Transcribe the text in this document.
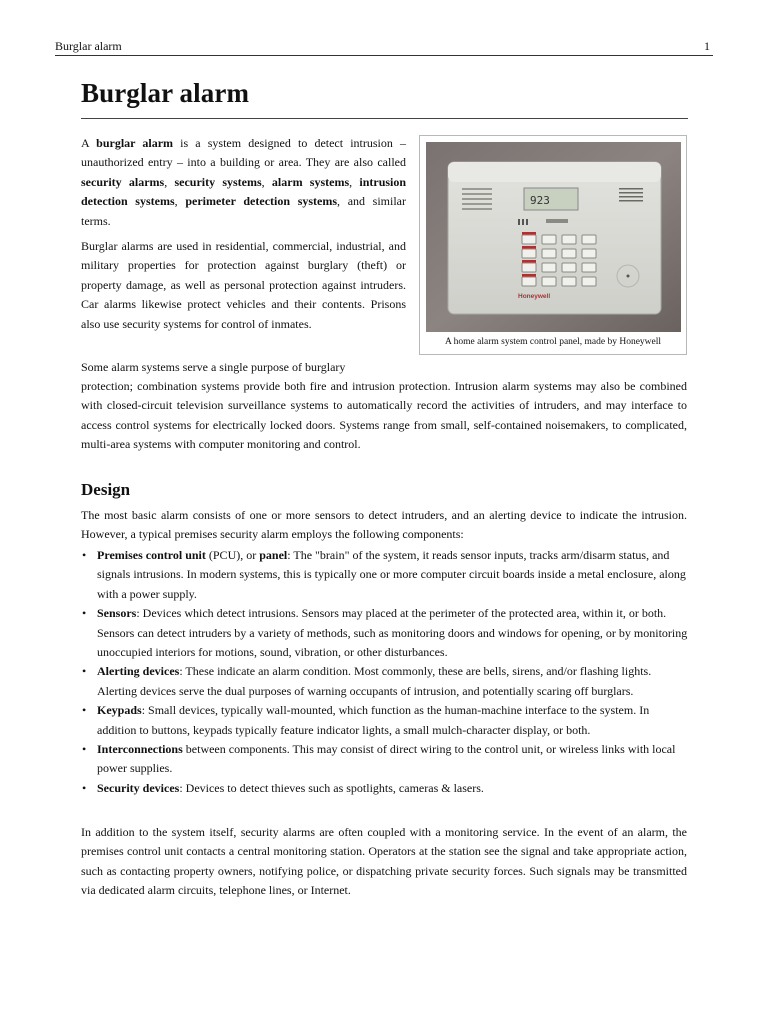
Burglar alarm	1
Burglar alarm

A burglar alarm is a system designed to detect intrusion – unauthorized entry – into a building or area. They are also called security alarms, security systems, alarm systems, intrusion detection systems, perimeter detection systems, and similar terms.

Burglar alarms are used in residential, commercial, industrial, and military properties for protection against burglary (theft) or property damage, as well as personal protection against intruders. Car alarms likewise protect vehicles and their contents. Prisons also use security systems for control of inmates.

Some alarm systems serve a single purpose of burglary

protection; combination systems provide both fire and intrusion protection. Intrusion alarm systems may also be combined with closed-circuit television surveillance systems to automatically record the activities of intruders, and may interface to access control systems for electrically locked doors. Systems range from small, self-contained noisemakers, to complicated, multi-area systems with computer monitoring and control.

923
Honeywell
A home alarm system control panel, made by Honeywell
Design

The most basic alarm consists of one or more sensors to detect intruders, and an alerting device to indicate the intrusion. However, a typical premises security alarm employs the following components:

• Premises control unit (PCU), or panel: The "brain" of the system, it reads sensor inputs, tracks arm/disarm status, and signals intrusions. In modern systems, this is typically one or more computer circuit boards inside a metal enclosure, along with a power supply.
• Sensors: Devices which detect intrusions. Sensors may placed at the perimeter of the protected area, within it, or both. Sensors can detect intruders by a variety of methods, such as monitoring doors and windows for opening, or by monitoring unoccupied interiors for motions, sound, vibration, or other disturbances.
• Alerting devices: These indicate an alarm condition. Most commonly, these are bells, sirens, and/or flashing lights. Alerting devices serve the dual purposes of warning occupants of intrusion, and potentially scaring off burglars.
• Keypads: Small devices, typically wall-mounted, which function as the human-machine interface to the system. In addition to buttons, keypads typically feature indicator lights, a small mulch-character display, or both.
• Interconnections between components. This may consist of direct wiring to the control unit, or wireless links with local power supplies.
• Security devices: Devices to detect thieves such as spotlights, cameras & lasers.

In addition to the system itself, security alarms are often coupled with a monitoring service. In the event of an alarm, the premises control unit contacts a central monitoring station. Operators at the station see the signal and take appropriate action, such as contacting property owners, notifying police, or dispatching private security forces. Such signals may be transmitted via dedicated alarm circuits, telephone lines, or Internet.
